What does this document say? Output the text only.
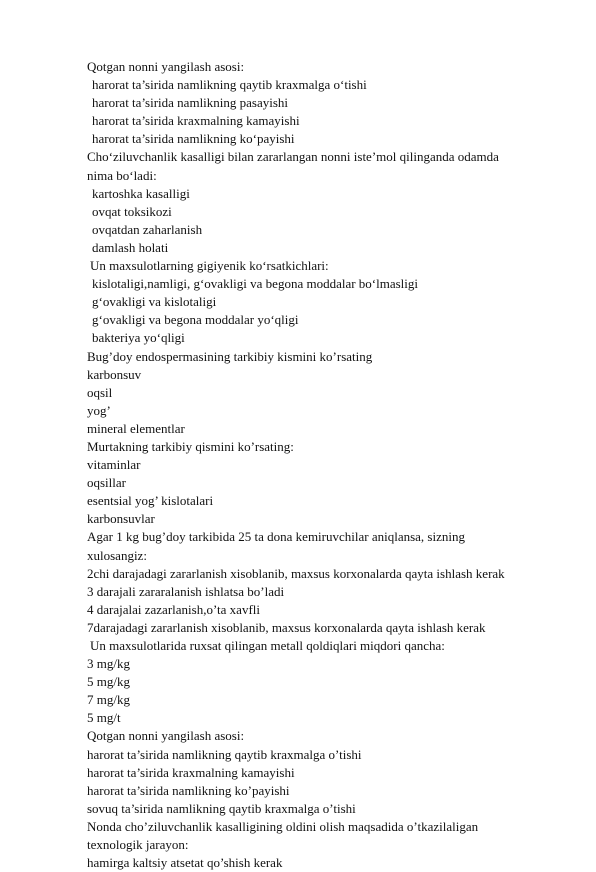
Qotgan nonni yangilash asosi:
harorat ta’sirida namlikning qaytib kraxmalga o‘tishi
harorat ta’sirida namlikning pasayishi
harorat ta’sirida kraxmalning kamayishi
harorat ta’sirida namlikning ko‘payishi
Cho‘ziluvchanlik kasalligi bilan zararlangan nonni iste’mol qilinganda odamda
nima bo‘ladi:
kartoshka kasalligi
ovqat toksikozi
ovqatdan zaharlanish
damlash holati
Un maxsulotlarning gigiyenik ko‘rsatkichlari:
kislotaligi,namligi, g‘ovakligi va begona moddalar bo‘lmasligi
g‘ovakligi va kislotaligi
g‘ovakligi va begona moddalar yo‘qligi
bakteriya yo‘qligi
Bug’doy endospermasining tarkibiy kismini ko’rsating
karbonsuv
oqsil
yog’
mineral elementlar
Murtakning tarkibiy qismini ko’rsating:
vitaminlar
oqsillar
esentsial yog’ kislotalari
karbonsuvlar
Agar 1 kg bug’doy tarkibida 25 ta dona kemiruvchilar aniqlansa, sizning
xulosangiz:
2chi darajadagi zararlanish xisoblanib, maxsus korxonalarda qayta ishlash kerak
3 darajali zararalanish ishlatsa bo’ladi
4 darajalai zazarlanish,o’ta xavfli
7darajadagi zararlanish xisoblanib, maxsus korxonalarda qayta ishlash kerak
Un maxsulotlarida ruxsat qilingan metall qoldiqlari miqdori qancha:
3 mg/kg
5 mg/kg
7 mg/kg
5 mg/t
Qotgan nonni yangilash asosi:
harorat ta’sirida namlikning qaytib kraxmalga o’tishi
harorat ta’sirida kraxmalning kamayishi
harorat ta’sirida namlikning ko’payishi
sovuq ta’sirida namlikning qaytib kraxmalga o’tishi
Nonda cho’ziluvchanlik kasalligining oldini olish maqsadida o’tkazilaligan
texnologik jarayon:
hamirga kaltsiy atsetat qo’shish kerak
